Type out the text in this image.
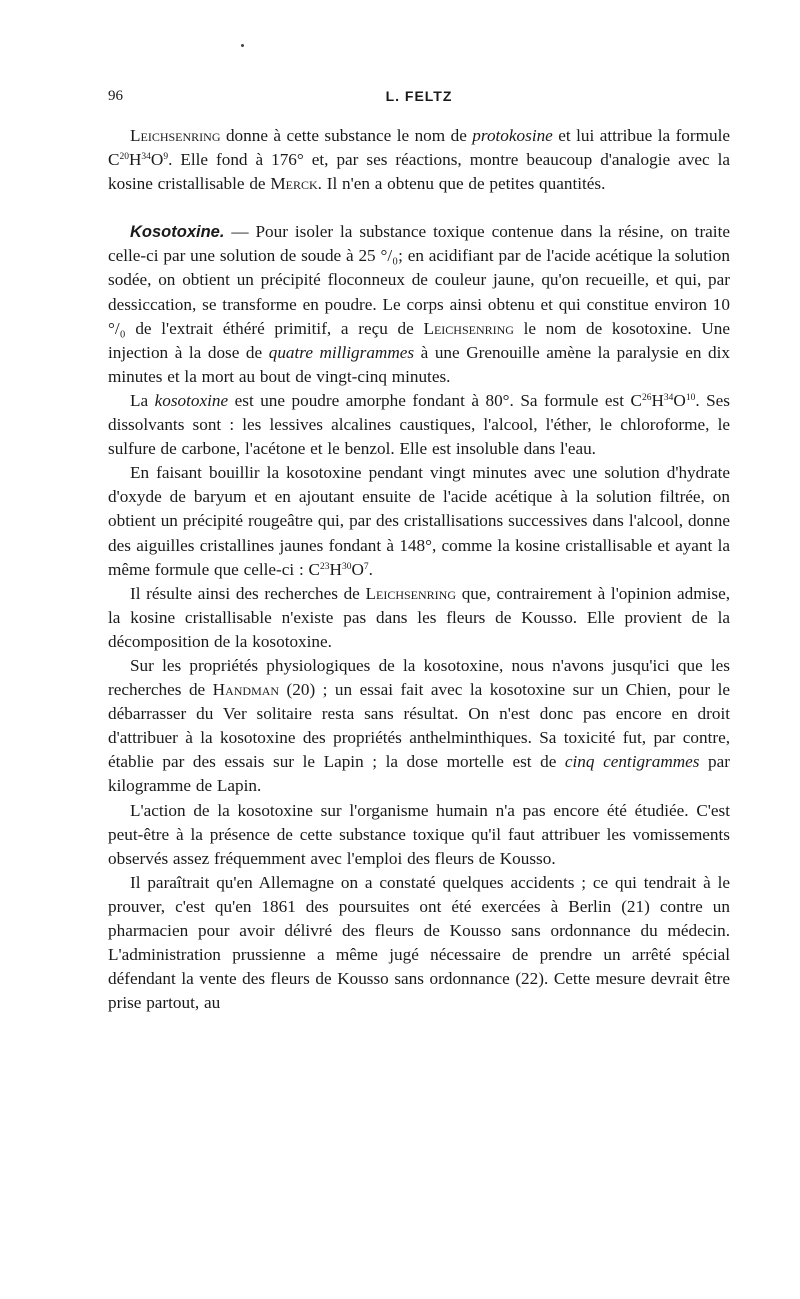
96	L. FELTZ

Leichsenring donne à cette substance le nom de protokosine et lui attribue la formule $C^{20}H^{34}O^9$. Elle fond à 176° et, par ses réactions, montre beaucoup d'analogie avec la kosine cristallisable de Merck. Il n'en a obtenu que de petites quantités.

Kosotoxine. — Pour isoler la substance toxique contenue dans la résine, on traite celle-ci par une solution de soude à 25 °/₀; en acidifiant par de l'acide acétique la solution sodée, on obtient un précipité floconneux de couleur jaune, qu'on recueille, et qui, par dessiccation, se transforme en poudre. Le corps ainsi obtenu et qui constitue environ 10 °/₀ de l'extrait éthéré primitif, a reçu de Leichsenring le nom de kosotoxine. Une injection à la dose de quatre milligrammes à une Grenouille amène la paralysie en dix minutes et la mort au bout de vingt-cinq minutes.

La kosotoxine est une poudre amorphe fondant à 80°. Sa formule est $C^{26}H^{34}O^{10}$. Ses dissolvants sont : les lessives alcalines caustiques, l'alcool, l'éther, le chloroforme, le sulfure de carbone, l'acétone et le benzol. Elle est insoluble dans l'eau.

En faisant bouillir la kosotoxine pendant vingt minutes avec une solution d'hydrate d'oxyde de baryum et en ajoutant ensuite de l'acide acétique à la solution filtrée, on obtient un précipité rougeâtre qui, par des cristallisations successives dans l'alcool, donne des aiguilles cristallines jaunes fondant à 148°, comme la kosine cristallisable et ayant la même formule que celle-ci : $C^{23}H^{30}O^7$.

Il résulte ainsi des recherches de Leichsenring que, contrairement à l'opinion admise, la kosine cristallisable n'existe pas dans les fleurs de Kousso. Elle provient de la décomposition de la kosotoxine.

Sur les propriétés physiologiques de la kosotoxine, nous n'avons jusqu'ici que les recherches de Handman (20) ; un essai fait avec la kosotoxine sur un Chien, pour le débarrasser du Ver solitaire resta sans résultat. On n'est donc pas encore en droit d'attribuer à la kosotoxine des propriétés anthelminthiques. Sa toxicité fut, par contre, établie par des essais sur le Lapin ; la dose mortelle est de cinq centigrammes par kilogramme de Lapin.

L'action de la kosotoxine sur l'organisme humain n'a pas encore été étudiée. C'est peut-être à la présence de cette substance toxique qu'il faut attribuer les vomissements observés assez fréquemment avec l'emploi des fleurs de Kousso.

Il paraîtrait qu'en Allemagne on a constaté quelques accidents ; ce qui tendrait à le prouver, c'est qu'en 1861 des poursuites ont été exercées à Berlin (21) contre un pharmacien pour avoir délivré des fleurs de Kousso sans ordonnance du médecin. L'administration prussienne a même jugé nécessaire de prendre un arrêté spécial défendant la vente des fleurs de Kousso sans ordonnance (22). Cette mesure devrait être prise partout, au
